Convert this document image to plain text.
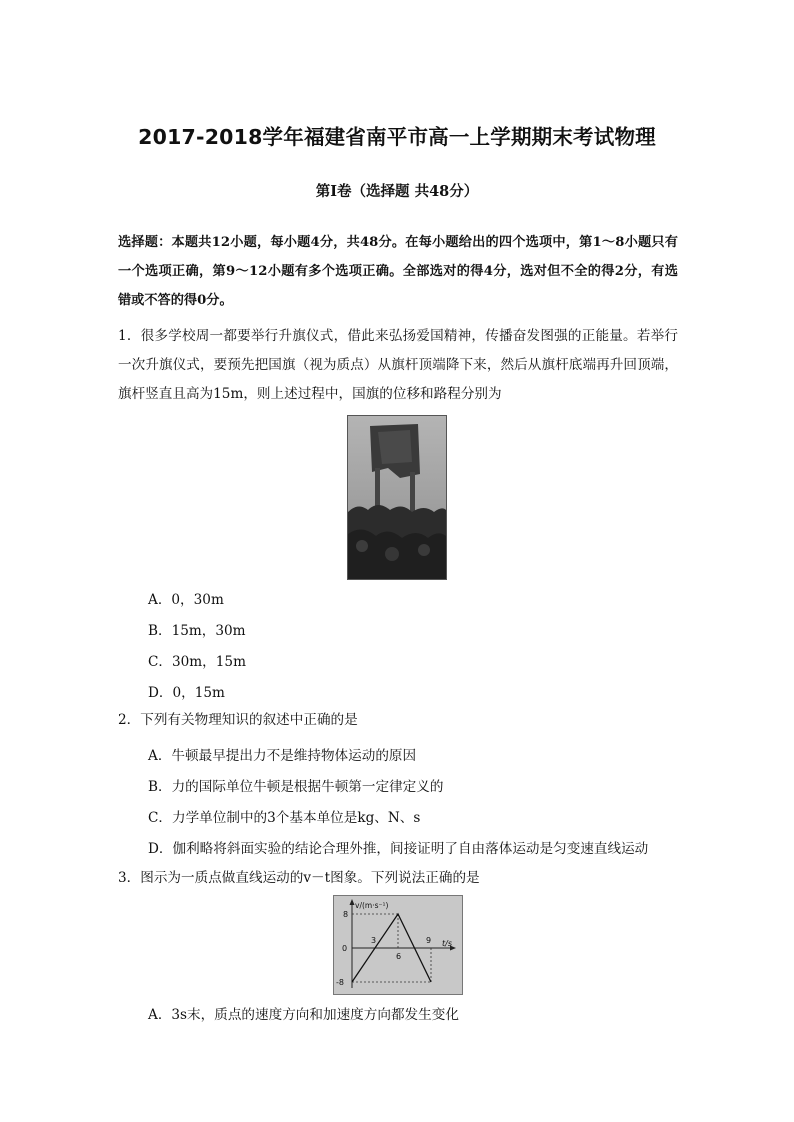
2017-2018学年福建省南平市高一上学期期末考试物理
第I卷（选择题 共48分）
选择题：本题共12小题，每小题4分，共48分。在每小题给出的四个选项中，第1～8小题只有一个选项正确，第9～12小题有多个选项正确。全部选对的得4分，选对但不全的得2分，有选错或不答的得0分。
1．很多学校周一都要举行升旗仪式，借此来弘扬爱国精神，传播奋发图强的正能量。若举行一次升旗仪式，要预先把国旗（视为质点）从旗杆顶端降下来，然后从旗杆底端再升回顶端，旗杆竖直且高为15m，则上述过程中，国旗的位移和路程分别为
A．0，30m
B．15m，30m
C．30m，15m
D．0，15m
2．下列有关物理知识的叙述中正确的是
A．牛顿最早提出力不是维持物体运动的原因
B．力的国际单位牛顿是根据牛顿第一定律定义的
C．力学单位制中的3个基本单位是kg、N、s
D．伽利略将斜面实验的结论合理外推，间接证明了自由落体运动是匀变速直线运动
3．图示为一质点做直线运动的v－t图象。下列说法正确的是
v/(m·s⁻¹)
t/s
0
8
-8
3
6
9
A．3s末，质点的速度方向和加速度方向都发生变化
